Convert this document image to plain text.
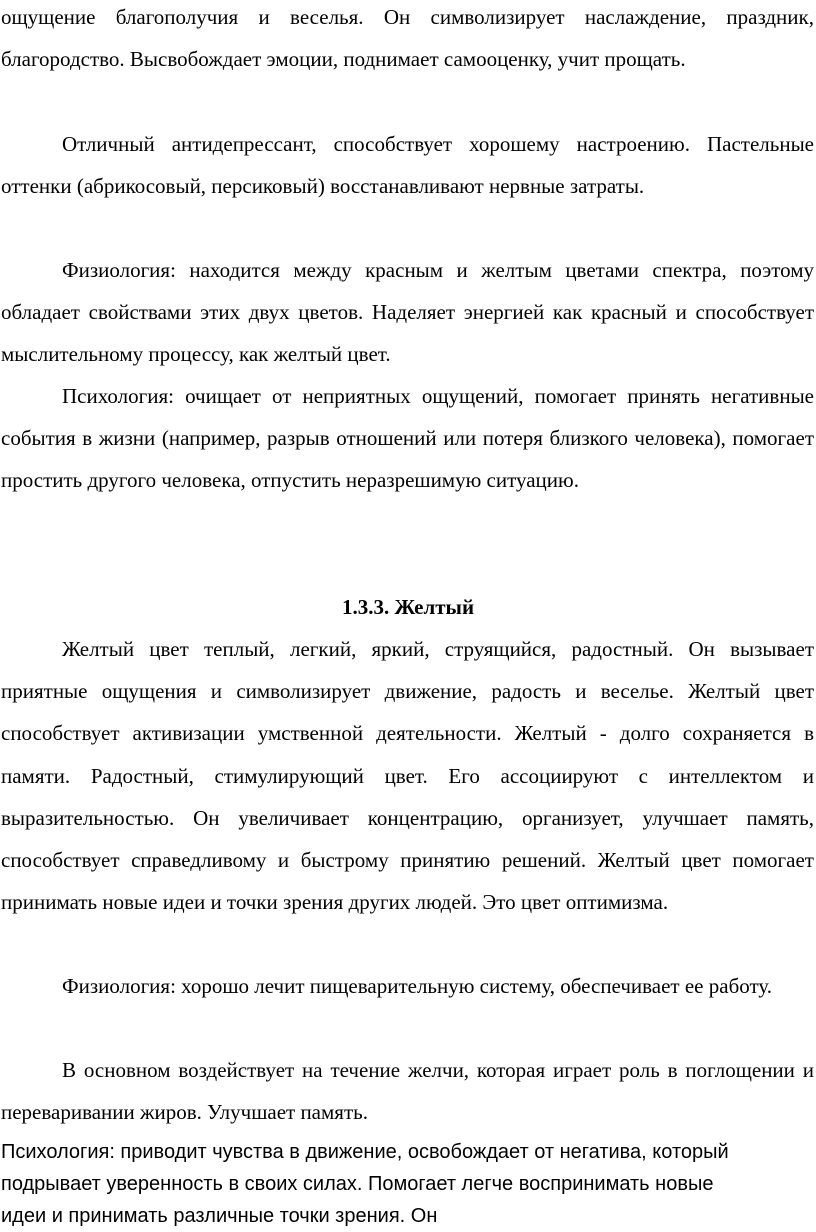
ощущение благополучия и веселья. Он символизирует наслаждение, праздник, благородство. Высвобождает эмоции, поднимает самооценку, учит прощать.

Отличный антидепрессант, способствует хорошему настроению. Пастельные оттенки (абрикосовый, персиковый) восстанавливают нервные затраты.

Физиология: находится между красным и желтым цветами спектра, поэтому обладает свойствами этих двух цветов. Наделяет энергией как красный и способствует мыслительному процессу, как желтый цвет.

Психология: очищает от неприятных ощущений, помогает принять негативные события в жизни (например, разрыв отношений или потеря близкого человека), помогает простить другого человека, отпустить неразрешимую ситуацию.

1.3.3. Желтый

Желтый цвет теплый, легкий, яркий, струящийся, радостный. Он вызывает приятные ощущения и символизирует движение, радость и веселье. Желтый цвет способствует активизации умственной деятельности. Желтый - долго сохраняется в памяти. Радостный, стимулирующий цвет. Его ассоциируют с интеллектом и выразительностью. Он увеличивает концентрацию, организует, улучшает память, способствует справедливому и быстрому принятию решений. Желтый цвет помогает принимать новые идеи и точки зрения других людей. Это цвет оптимизма.

Физиология: хорошо лечит пищеварительную систему, обеспечивает ее работу.

В основном воздействует на течение желчи, которая играет роль в поглощении и переваривании жиров. Улучшает память.

Психология: приводит чувства в движение, освобождает от негатива, который подрывает уверенность в своих силах. Помогает легче воспринимать новые идеи и принимать различные точки зрения. Он
